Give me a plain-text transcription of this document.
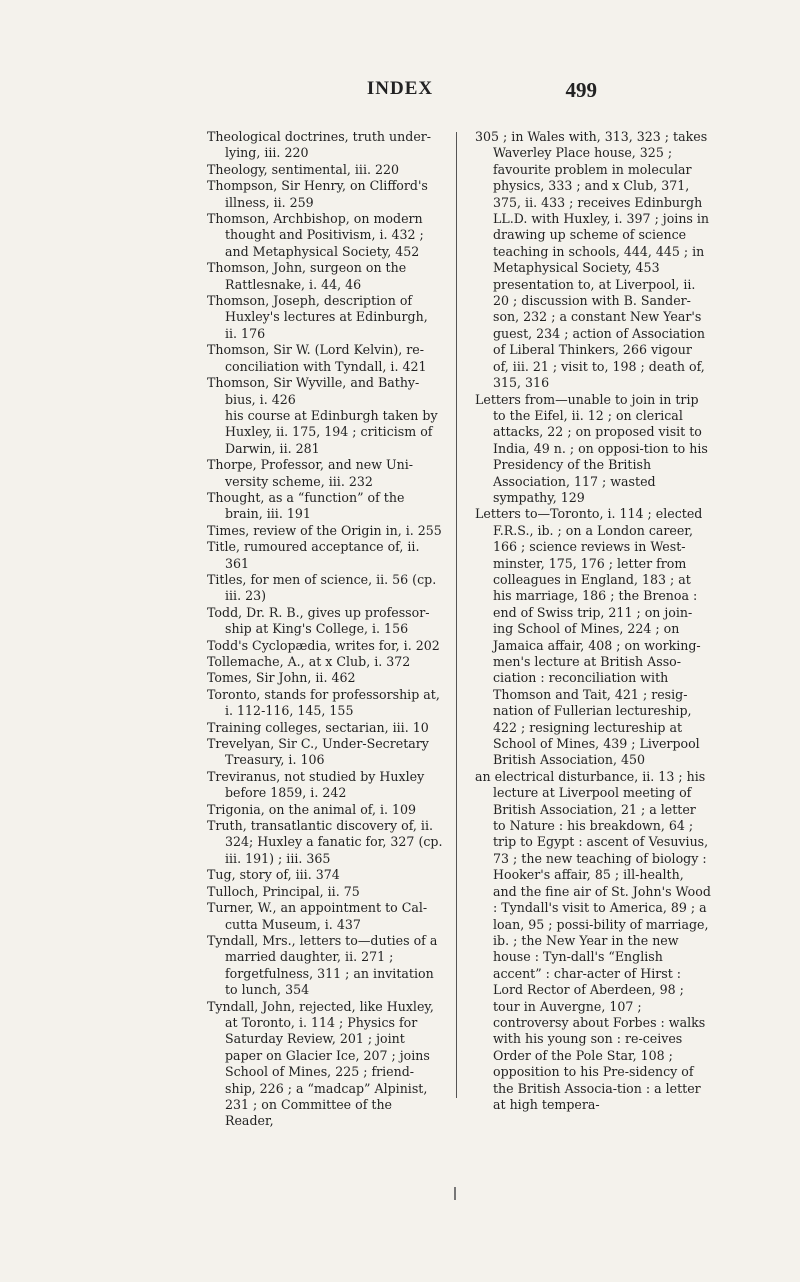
INDEX	499

Theological doctrines, truth under-lying, iii. 220

Theology, sentimental, iii. 220

Thompson, Sir Henry, on Clifford's illness, ii. 259

Thomson, Archbishop, on modern thought and Positivism, i. 432 ; and Metaphysical Society, 452

Thomson, John, surgeon on the Rattlesnake, i. 44, 46

Thomson, Joseph, description of Huxley's lectures at Edinburgh, ii. 176

Thomson, Sir W. (Lord Kelvin), re-conciliation with Tyndall, i. 421

Thomson, Sir Wyville, and Bathy-bius, i. 426

his course at Edinburgh taken by Huxley, ii. 175, 194 ; criticism of Darwin, ii. 281

Thorpe, Professor, and new Uni-versity scheme, iii. 232

Thought, as a “function” of the brain, iii. 191

Times, review of the Origin in, i. 255

Title, rumoured acceptance of, ii. 361

Titles, for men of science, ii. 56 (cp. iii. 23)

Todd, Dr. R. B., gives up professor-ship at King's College, i. 156

Todd's Cyclopædia, writes for, i. 202

Tollemache, A., at x Club, i. 372

Tomes, Sir John, ii. 462

Toronto, stands for professorship at, i. 112-116, 145, 155

Training colleges, sectarian, iii. 10

Trevelyan, Sir C., Under-Secretary Treasury, i. 106

Treviranus, not studied by Huxley before 1859, i. 242

Trigonia, on the animal of, i. 109

Truth, transatlantic discovery of, ii. 324; Huxley a fanatic for, 327 (cp. iii. 191) ; iii. 365

Tug, story of, iii. 374

Tulloch, Principal, ii. 75

Turner, W., an appointment to Cal-cutta Museum, i. 437

Tyndall, Mrs., letters to—duties of a married daughter, ii. 271 ; forgetfulness, 311 ; an invitation to lunch, 354

Tyndall, John, rejected, like Huxley, at Toronto, i. 114 ; Physics for Saturday Review, 201 ; joint paper on Glacier Ice, 207 ; joins School of Mines, 225 ; friend-ship, 226 ; a “madcap” Alpinist, 231 ; on Committee of the Reader,

305 ; in Wales with, 313, 323 ; takes Waverley Place house, 325 ; favourite problem in molecular physics, 333 ; and x Club, 371, 375, ii. 433 ; receives Edinburgh LL.D. with Huxley, i. 397 ; joins in drawing up scheme of science teaching in schools, 444, 445 ; in Metaphysical Society, 453 presentation to, at Liverpool, ii. 20 ; discussion with B. Sander-son, 232 ; a constant New Year's guest, 234 ; action of Association of Liberal Thinkers, 266 vigour of, iii. 21 ; visit to, 198 ; death of, 315, 316

Letters from—unable to join in trip to the Eifel, ii. 12 ; on clerical attacks, 22 ; on proposed visit to India, 49 n. ; on opposi-tion to his Presidency of the British Association, 117 ; wasted sympathy, 129

Letters to—Toronto, i. 114 ; elected F.R.S., ib. ; on a London career, 166 ; science reviews in West-minster, 175, 176 ; letter from colleagues in England, 183 ; at his marriage, 186 ; the Brenoa : end of Swiss trip, 211 ; on join-ing School of Mines, 224 ; on Jamaica affair, 408 ; on working-men's lecture at British Asso-ciation : reconciliation with Thomson and Tait, 421 ; resig-nation of Fullerian lectureship, 422 ; resigning lectureship at School of Mines, 439 ; Liverpool British Association, 450

an electrical disturbance, ii. 13 ; his lecture at Liverpool meeting of British Association, 21 ; a letter to Nature : his breakdown, 64 ; trip to Egypt : ascent of Vesuvius, 73 ; the new teaching of biology : Hooker's affair, 85 ; ill-health, and the fine air of St. John's Wood : Tyndall's visit to America, 89 ; a loan, 95 ; possi-bility of marriage, ib. ; the New Year in the new house : Tyn-dall's “English accent” : char-acter of Hirst : Lord Rector of Aberdeen, 98 ; tour in Auvergne, 107 ; controversy about Forbes : walks with his young son : re-ceives Order of the Pole Star, 108 ; opposition to his Pre-sidency of the British Associa-tion : a letter at high tempera-
